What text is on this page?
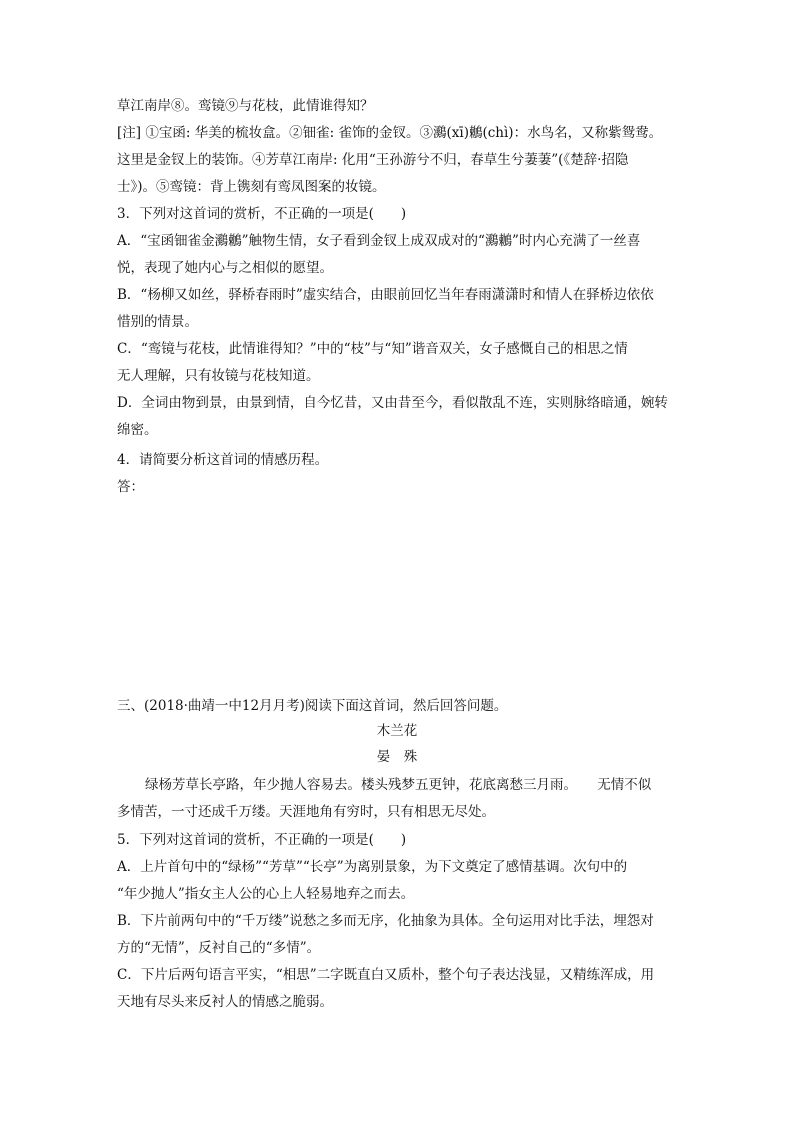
草江南岸⑧。鸾镜⑨与花枝，此情谁得知？
[注] ①宝函: 华美的梳妆盒。②钿雀: 雀饰的金钗。③鸂(xī)鶒(chì)：水鸟名，又称紫鸳鸯。
这里是金钗上的装饰。④芳草江南岸: 化用“王孙游兮不归，春草生兮萋萋”(《楚辞·招隐
士》)。⑤鸾镜：背上镌刻有鸾凤图案的妆镜。
3．下列对这首词的赏析，不正确的一项是(　　)
A．“宝函钿雀金鸂鶒”触物生情，女子看到金钗上成双成对的“鸂鶒”时内心充满了一丝喜
悦，表现了她内心与之相似的愿望。
B．“杨柳又如丝，驿桥春雨时”虚实结合，由眼前回忆当年春雨潇潇时和情人在驿桥边依依
惜别的情景。
C．“鸾镜与花枝，此情谁得知？”中的“枝”与“知”谐音双关，女子感慨自己的相思之情
无人理解，只有妆镜与花枝知道。
D．全词由物到景，由景到情，自今忆昔，又由昔至今，看似散乱不连，实则脉络暗通，婉转
绵密。
4．请简要分析这首词的情感历程。
答：
三、(2018·曲靖一中12月月考)阅读下面这首词，然后回答问题。
木兰花
晏　殊
绿杨芳草长亭路，年少抛人容易去。楼头残梦五更钟，花底离愁三月雨。　　无情不似
多情苦，一寸还成千万缕。天涯地角有穷时，只有相思无尽处。
5．下列对这首词的赏析，不正确的一项是(　　)
A．上片首句中的“绿杨”“芳草”“长亭”为离别景象，为下文奠定了感情基调。次句中的
“年少抛人”指女主人公的心上人轻易地弃之而去。
B．下片前两句中的“千万缕”说愁之多而无序，化抽象为具体。全句运用对比手法，埋怨对
方的“无情”，反衬自己的“多情”。
C．下片后两句语言平实，“相思”二字既直白又质朴，整个句子表达浅显，又精练浑成，用
天地有尽头来反衬人的情感之脆弱。
